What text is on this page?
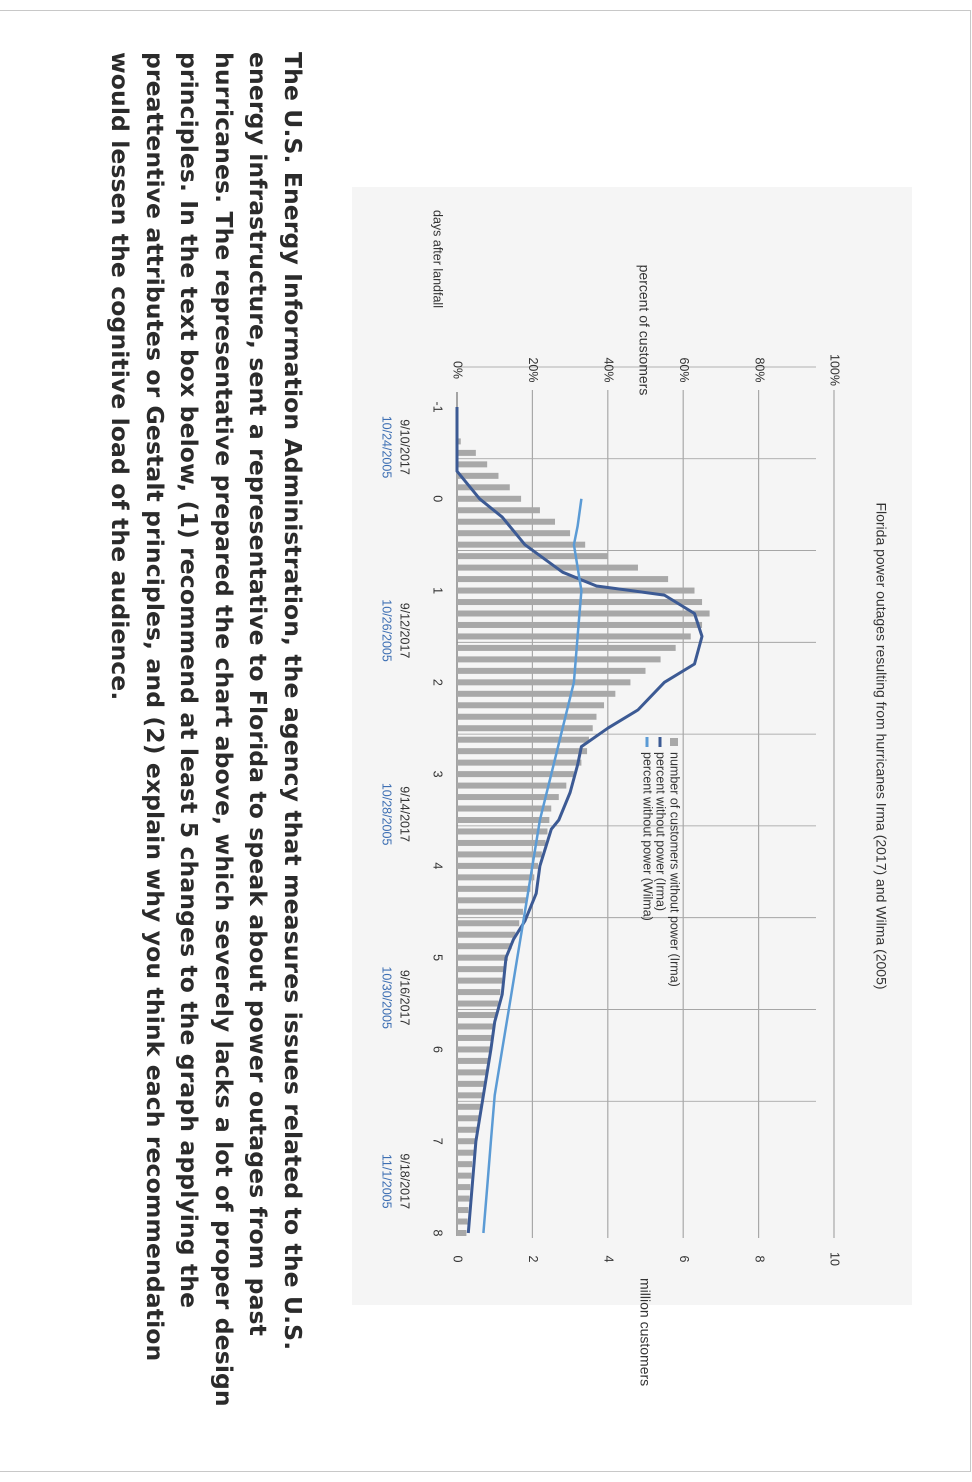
Florida power outages resulting from hurricanes Irma (2017) and Wilma (2005)
0%	20%	40%	60%	80%	100%
percent of customers
0	2	4	6	8	10
million customers
-1
0
1
2
3
4
5
6
7
8
days after landfall
9/10/2017
9/12/2017
9/14/2017
9/16/2017
9/18/2017
10/24/2005
10/26/2005
10/28/2005
10/30/2005
11/1/2005
number of customers without power (Irma)
percent without power (Irma)
percent without power (Wilma)

The U.S. Energy Information Administration, the agency that measures issues related to the U.S. energy infrastructure, sent a representative to Florida to speak about power outages from past hurricanes. The representative prepared the chart above, which severely lacks a lot of proper design principles. In the text box below, (1) recommend at least 5 changes to the graph applying the preattentive attributes or Gestalt principles, and (2) explain why you think each recommendation would lessen the cognitive load of the audience.
